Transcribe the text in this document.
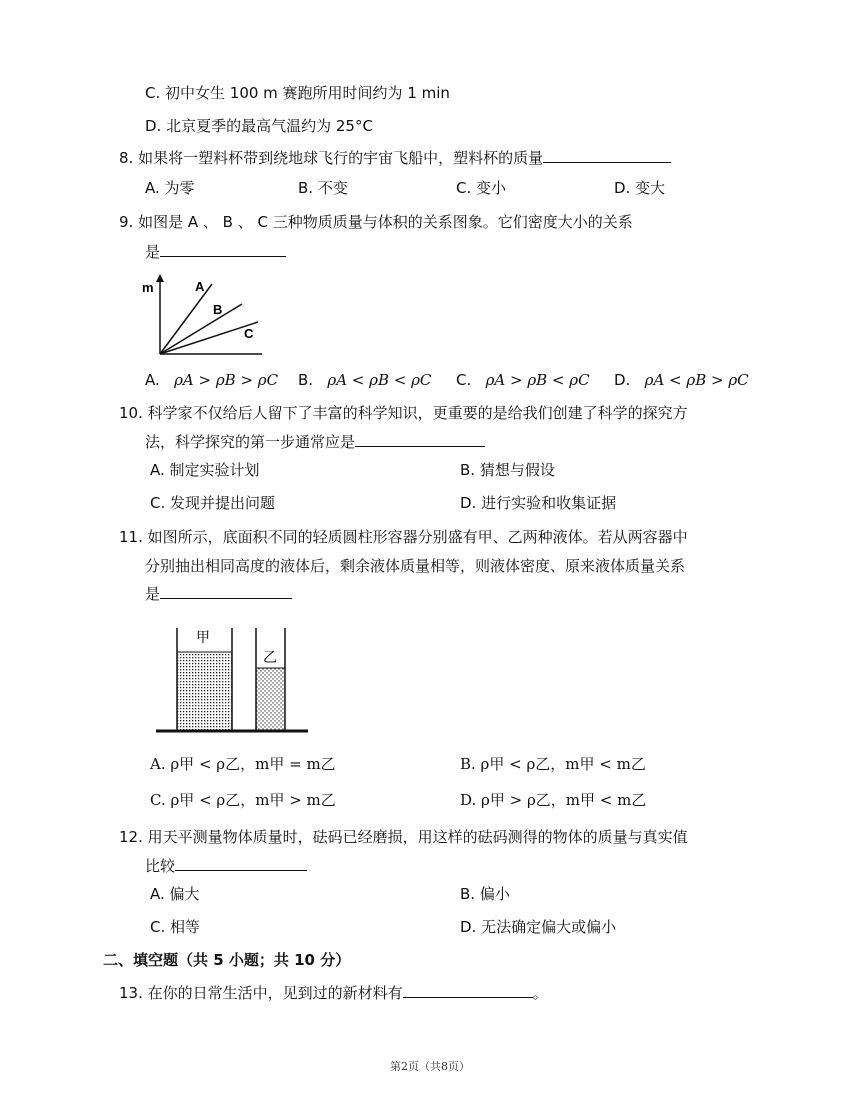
C. 初中女生 100 m 赛跑所用时间约为 1 min
D. 北京夏季的最高气温约为 25°C
8. 如果将一塑料杯带到绕地球飞行的宇宙飞船中，塑料杯的质量
A. 为零	B. 不变	C. 变小	D. 变大
9. 如图是 A 、 B 、 C 三种物质质量与体积的关系图象。它们密度大小的关系
是
m	A
B
C
A. ρA > ρB > ρC B. ρA < ρB < ρC C. ρA > ρB < ρC D. ρA < ρB > ρC
10. 科学家不仅给后人留下了丰富的科学知识，更重要的是给我们创建了科学的探究方
法，科学探究的第一步通常应是
A. 制定实验计划	B. 猜想与假设
C. 发现并提出问题	D. 进行实验和收集证据
11. 如图所示，底面积不同的轻质圆柱形容器分别盛有甲、乙两种液体。若从两容器中
分别抽出相同高度的液体后，剩余液体质量相等，则液体密度、原来液体质量关系
是
甲
乙
A. ρ甲 < ρ乙，m甲 = m乙	B. ρ甲 < ρ乙，m甲 < m乙
C. ρ甲 < ρ乙，m甲 > m乙	D. ρ甲 > ρ乙，m甲 < m乙
12. 用天平测量物体质量时，砝码已经磨损，用这样的砝码测得的物体的质量与真实值
比较
A. 偏大	B. 偏小
C. 相等	D. 无法确定偏大或偏小
二、填空题（共 5 小题；共 10 分）
13. 在你的日常生活中，见到过的新材料有	。
第2页（共8页）
